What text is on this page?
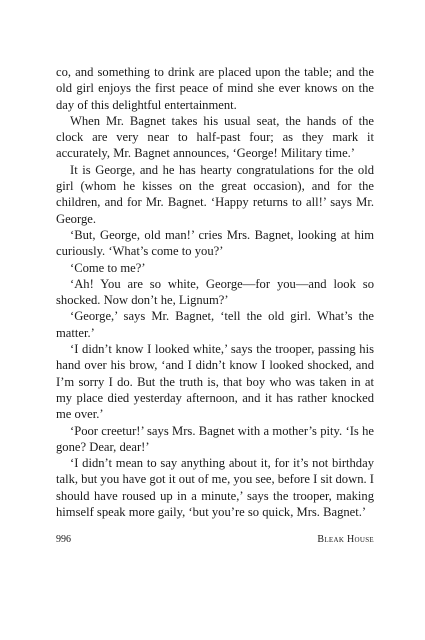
co, and something to drink are placed upon the table; and the old girl enjoys the first peace of mind she ever knows on the day of this delightful entertainment.

When Mr. Bagnet takes his usual seat, the hands of the clock are very near to half-past four; as they mark it accurately, Mr. Bagnet announces, ‘George! Military time.’

It is George, and he has hearty congratulations for the old girl (whom he kisses on the great occasion), and for the children, and for Mr. Bagnet. ‘Happy returns to all!’ says Mr. George.

‘But, George, old man!’ cries Mrs. Bagnet, looking at him curiously. ‘What’s come to you?’

‘Come to me?’

‘Ah! You are so white, George—for you—and look so shocked. Now don’t he, Lignum?’

‘George,’ says Mr. Bagnet, ‘tell the old girl. What’s the matter.’

‘I didn’t know I looked white,’ says the trooper, passing his hand over his brow, ‘and I didn’t know I looked shocked, and I’m sorry I do. But the truth is, that boy who was taken in at my place died yesterday afternoon, and it has rather knocked me over.’

‘Poor creetur!’ says Mrs. Bagnet with a mother’s pity. ‘Is he gone? Dear, dear!’

‘I didn’t mean to say anything about it, for it’s not birthday talk, but you have got it out of me, you see, before I sit down. I should have roused up in a minute,’ says the trooper, making himself speak more gaily, ‘but you’re so quick, Mrs. Bagnet.’

996	Bleak House
